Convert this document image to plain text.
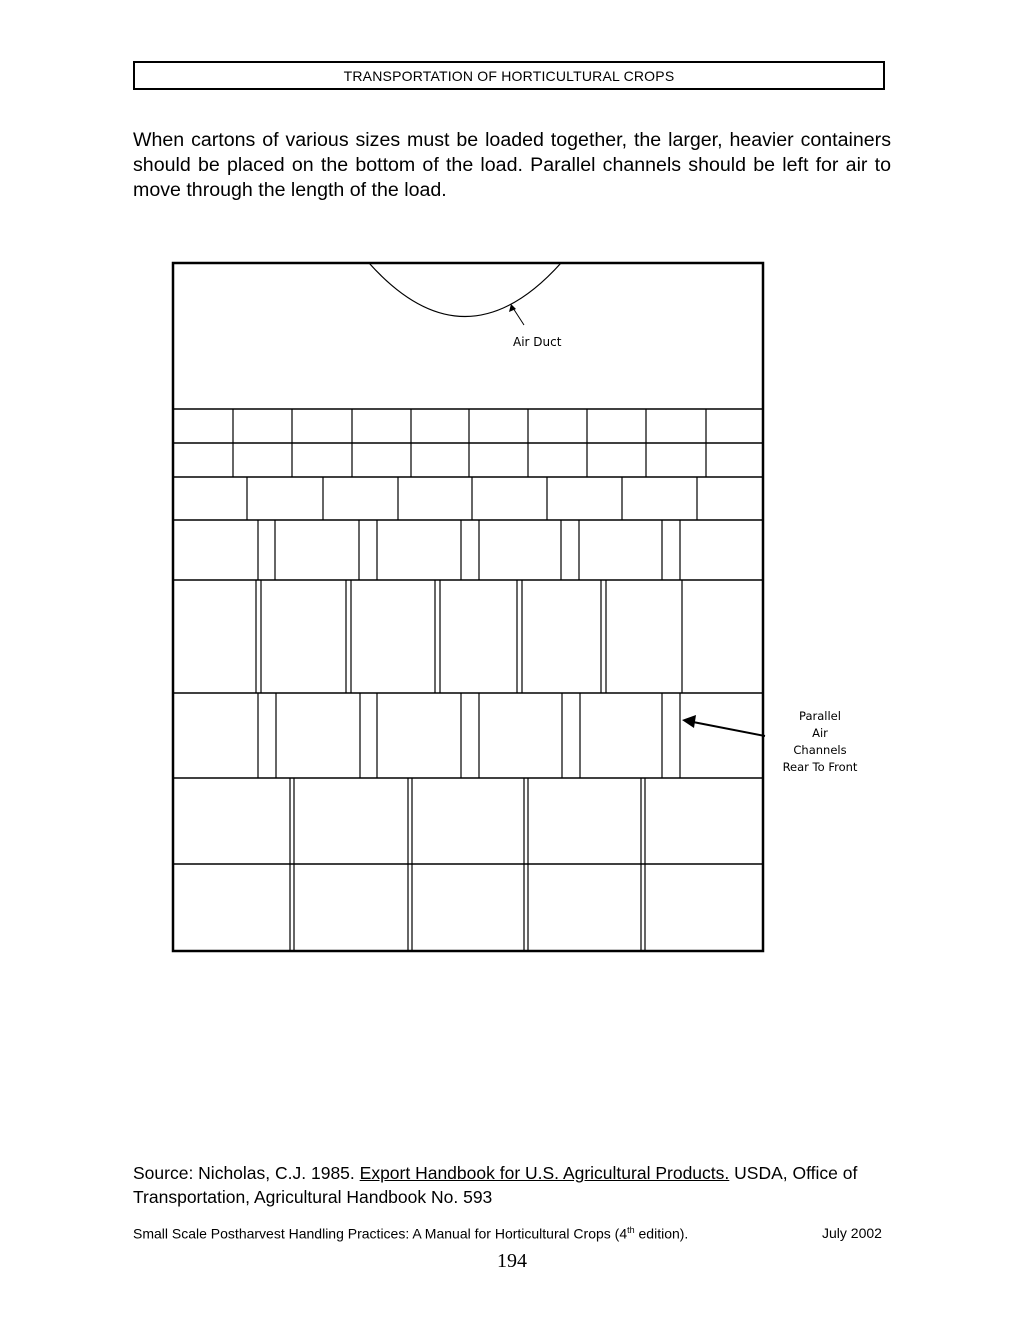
TRANSPORTATION OF HORTICULTURAL CROPS

When cartons of various sizes must be loaded together, the larger, heavier containers should be placed on the bottom of the load. Parallel channels should be left for air to move through the length of the load.

Air Duct
Parallel
Air
Channels
Rear To Front

Source: Nicholas, C.J. 1985. Export Handbook for U.S. Agricultural Products. USDA, Office of Transportation, Agricultural Handbook No. 593

Small Scale Postharvest Handling Practices: A Manual for Horticultural Crops (4th edition).	July 2002
194
